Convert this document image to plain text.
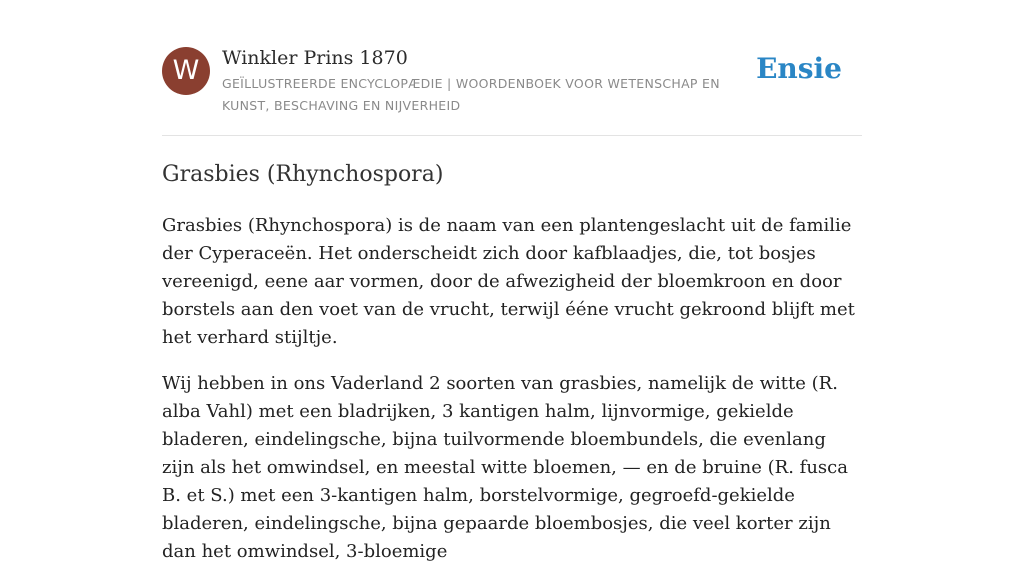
W	Winkler Prins 1870

GEÏLLUSTREERDE ENCYCLOPÆDIE | WOORDENBOEK VOOR WETENSCHAP EN KUNST, BESCHAVING EN NIJVERHEID
Ensie
Grasbies (Rhynchospora)

Grasbies (Rhynchospora) is de naam van een plantengeslacht uit de familie der Cyperaceën. Het onderscheidt zich door kafblaadjes, die, tot bosjes vereenigd, eene aar vormen, door de afwezigheid der bloemkroon en door borstels aan den voet van de vrucht, terwijl ééne vrucht gekroond blijft met het verhard stijltje.

Wij hebben in ons Vaderland 2 soorten van grasbies, namelijk de witte (R. alba Vahl) met een bladrijken, 3 kantigen halm, lijnvormige, gekielde bladeren, eindelingsche, bijna tuilvormende bloembundels, die evenlang zijn als het omwindsel, en meestal witte bloemen, — en de bruine (R. fusca B. et S.) met een 3-kantigen halm, borstelvormige, gegroefd-gekielde bladeren, eindelingsche, bijna gepaarde bloembosjes, die veel korter zijn dan het omwindsel, 3-bloemige
